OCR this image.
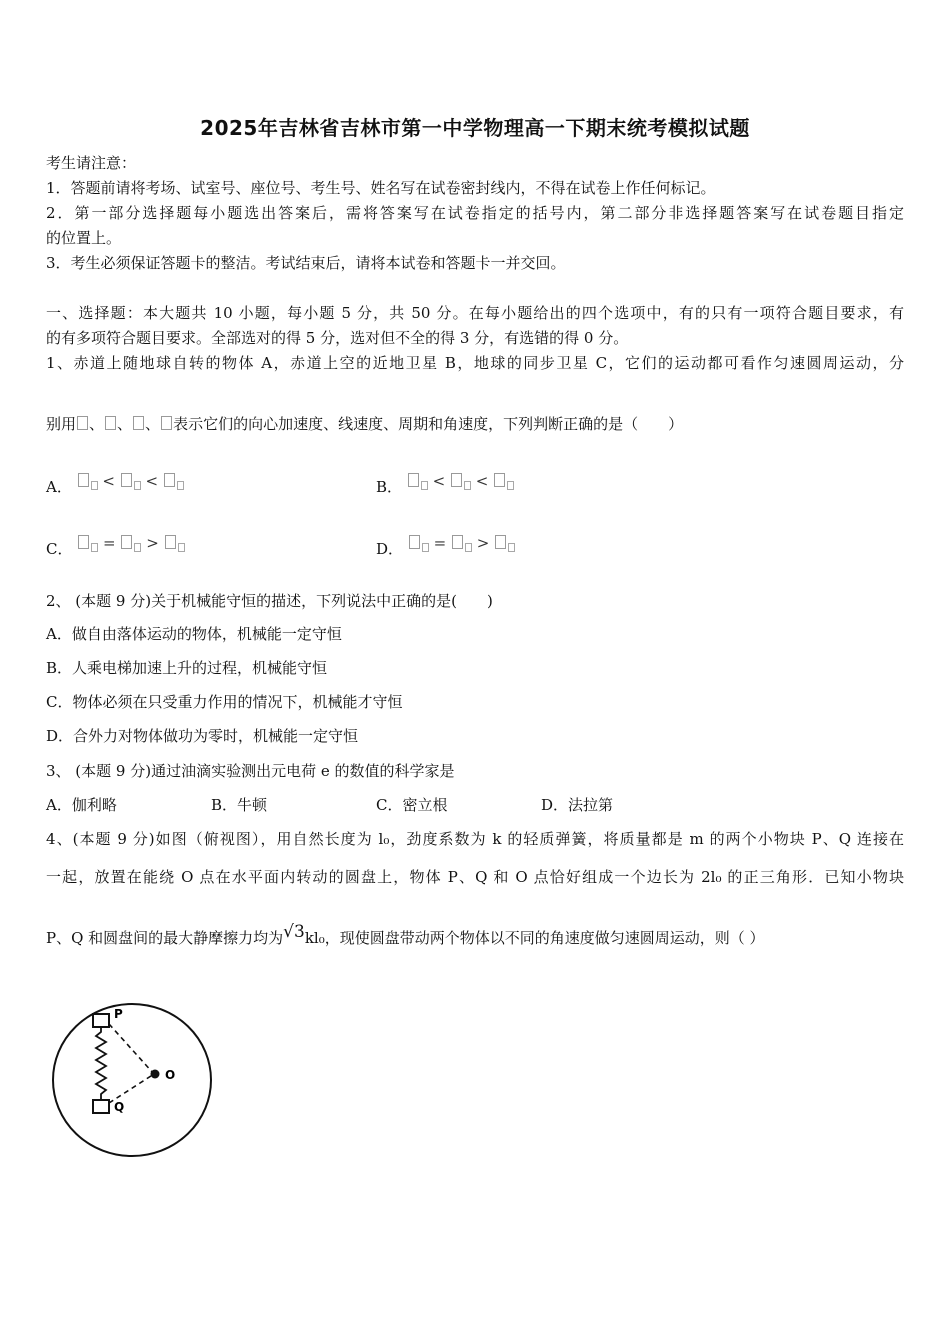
2025年吉林省吉林市第一中学物理高一下期末统考模拟试题
考生请注意：
1．答题前请将考场、试室号、座位号、考生号、姓名写在试卷密封线内，不得在试卷上作任何标记。
2．第一部分选择题每小题选出答案后，需将答案写在试卷指定的括号内，第二部分非选择题答案写在试卷题目指定
的位置上。
3．考生必须保证答题卡的整洁。考试结束后，请将本试卷和答题卡一并交回。
一、选择题：本大题共 10 小题，每小题 5 分，共 50 分。在每小题给出的四个选项中，有的只有一项符合题目要求，有
的有多项符合题目要求。全部选对的得 5 分，选对但不全的得 3 分，有选错的得 0 分。
1、赤道上随地球自转的物体 A，赤道上空的近地卫星 B，地球的同步卫星 C，它们的运动都可看作匀速圆周运动，分
别用 、 、 、 表示它们的向心加速度、线速度、周期和角速度，下列判断正确的是（　　）
A． < <	B． < <
C． = >	D． = >
2、 (本题 9 分)关于机械能守恒的描述，下列说法中正确的是(　　)
A．做自由落体运动的物体，机械能一定守恒
B．人乘电梯加速上升的过程，机械能守恒
C．物体必须在只受重力作用的情况下，机械能才守恒
D．合外力对物体做功为零时，机械能一定守恒
3、 (本题 9 分)通过油滴实验测出元电荷 e 的数值的科学家是
A．伽利略	B．牛顿	C．密立根	D．法拉第
4、(本题 9 分)如图（俯视图），用自然长度为 l₀，劲度系数为 k 的轻质弹簧，将质量都是 m 的两个小物块 P、Q 连接在
一起，放置在能绕 O 点在水平面内转动的圆盘上，物体 P、Q 和 O 点恰好组成一个边长为 2l₀ 的正三角形．已知小物块
P、Q 和圆盘间的最大静摩擦力均为√3kl₀，现使圆盘带动两个物体以不同的角速度做匀速圆周运动，则（ ）
P
Q
O
